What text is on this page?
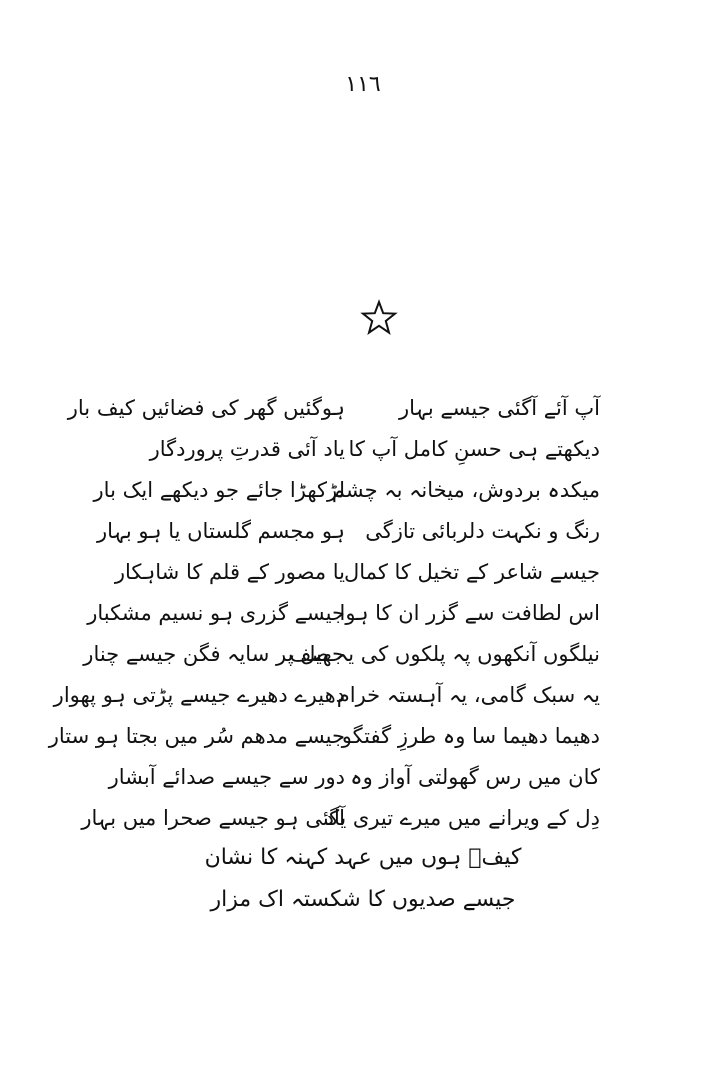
١١٦
آپ آئے آگئی جیسے بہار
ہوگئیں گھر کی فضائیں کیف بار
دیکھتے ہی حسنِ کامل آپ کا
یاد آئی قدرتِ پروردگار
میکدہ بردوش، میخانہ بہ چشم
لڑکھڑا جائے جو دیکھے ایک بار
رنگ و نکہت دلربائی تازگی
ہو مجسم گلستاں یا ہو بہار
جیسے شاعر کے تخیل کا کمال
یا مصور کے قلم کا شاہکار
اس لطافت سے گزر ان کا ہوا
جیسے گزری ہو نسیم مشکبار
نیلگوں آنکھوں پہ پلکوں کی یہ صف
جھیل پر سایہ فگن جیسے چنار
یہ سبک گامی، یہ آہستہ خرام
دھیرے دھیرے جیسے پڑتی ہو پھوار
دھیما دھیما سا وہ طرزِ گفتگو
جیسے مدھم سُر میں بجتا ہو ستار
کان میں رس گھولتی آواز وہ
دور سے جیسے صدائے آبشار
دِل کے ویرانے میں میرے تیری یاد
آگئی ہو جیسے صحرا میں بہار
کیفؔ ہوں میں عہد کہنہ کا نشان
جیسے صدیوں کا شکستہ اک مزار
